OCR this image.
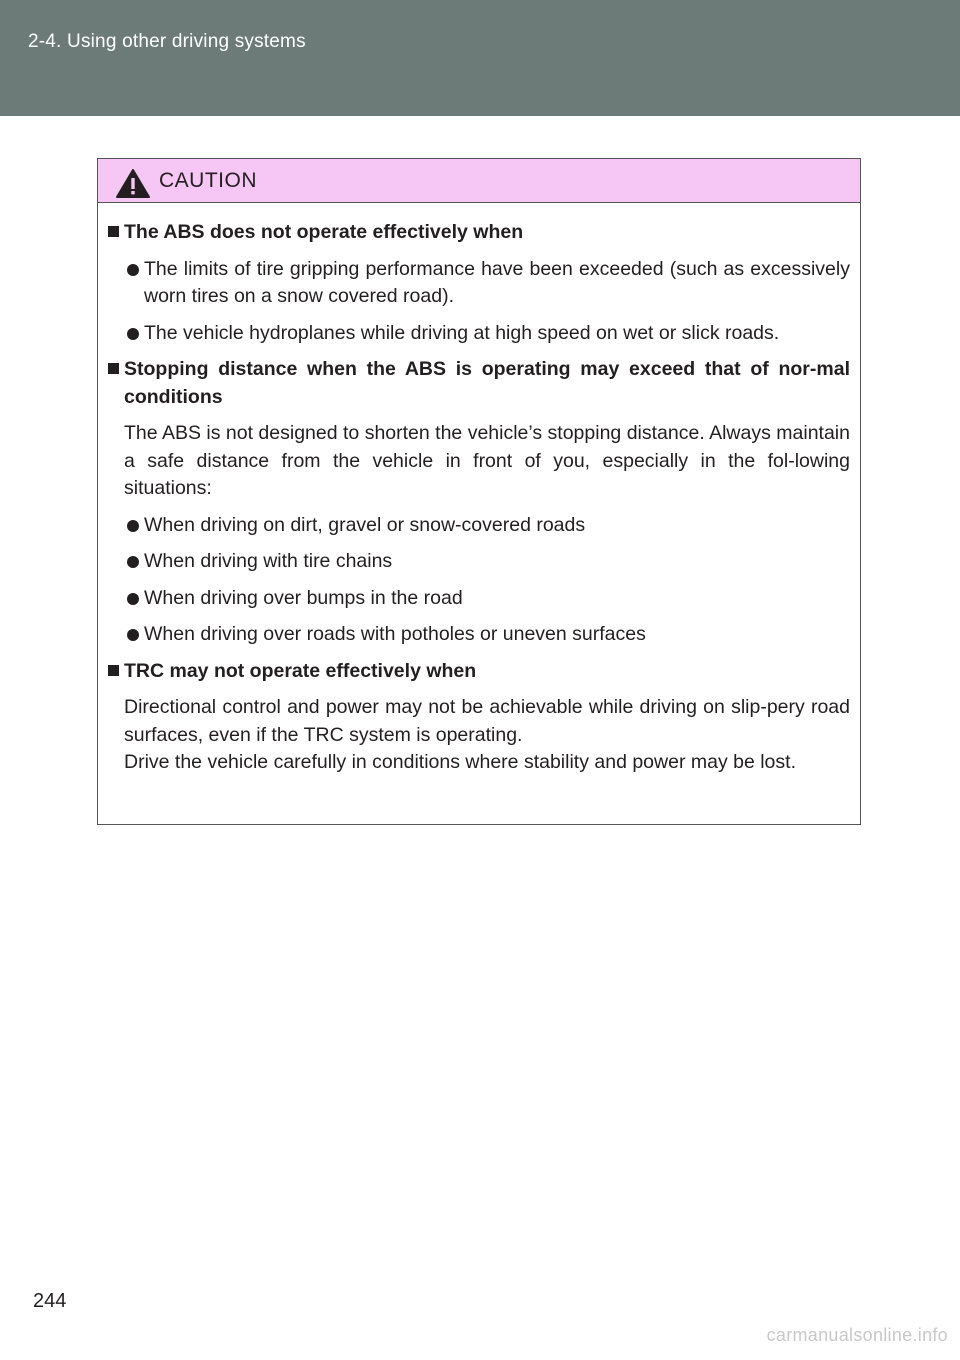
2-4. Using other driving systems
CAUTION
The ABS does not operate effectively when
The limits of tire gripping performance have been exceeded (such as excessively worn tires on a snow covered road).
The vehicle hydroplanes while driving at high speed on wet or slick roads.
Stopping distance when the ABS is operating may exceed that of nor-mal conditions
The ABS is not designed to shorten the vehicle’s stopping distance. Always maintain a safe distance from the vehicle in front of you, especially in the fol-lowing situations:
When driving on dirt, gravel or snow-covered roads
When driving with tire chains
When driving over bumps in the road
When driving over roads with potholes or uneven surfaces
TRC may not operate effectively when
Directional control and power may not be achievable while driving on slip-pery road surfaces, even if the TRC system is operating.
Drive the vehicle carefully in conditions where stability and power may be lost.
244
carmanualsonline.info
